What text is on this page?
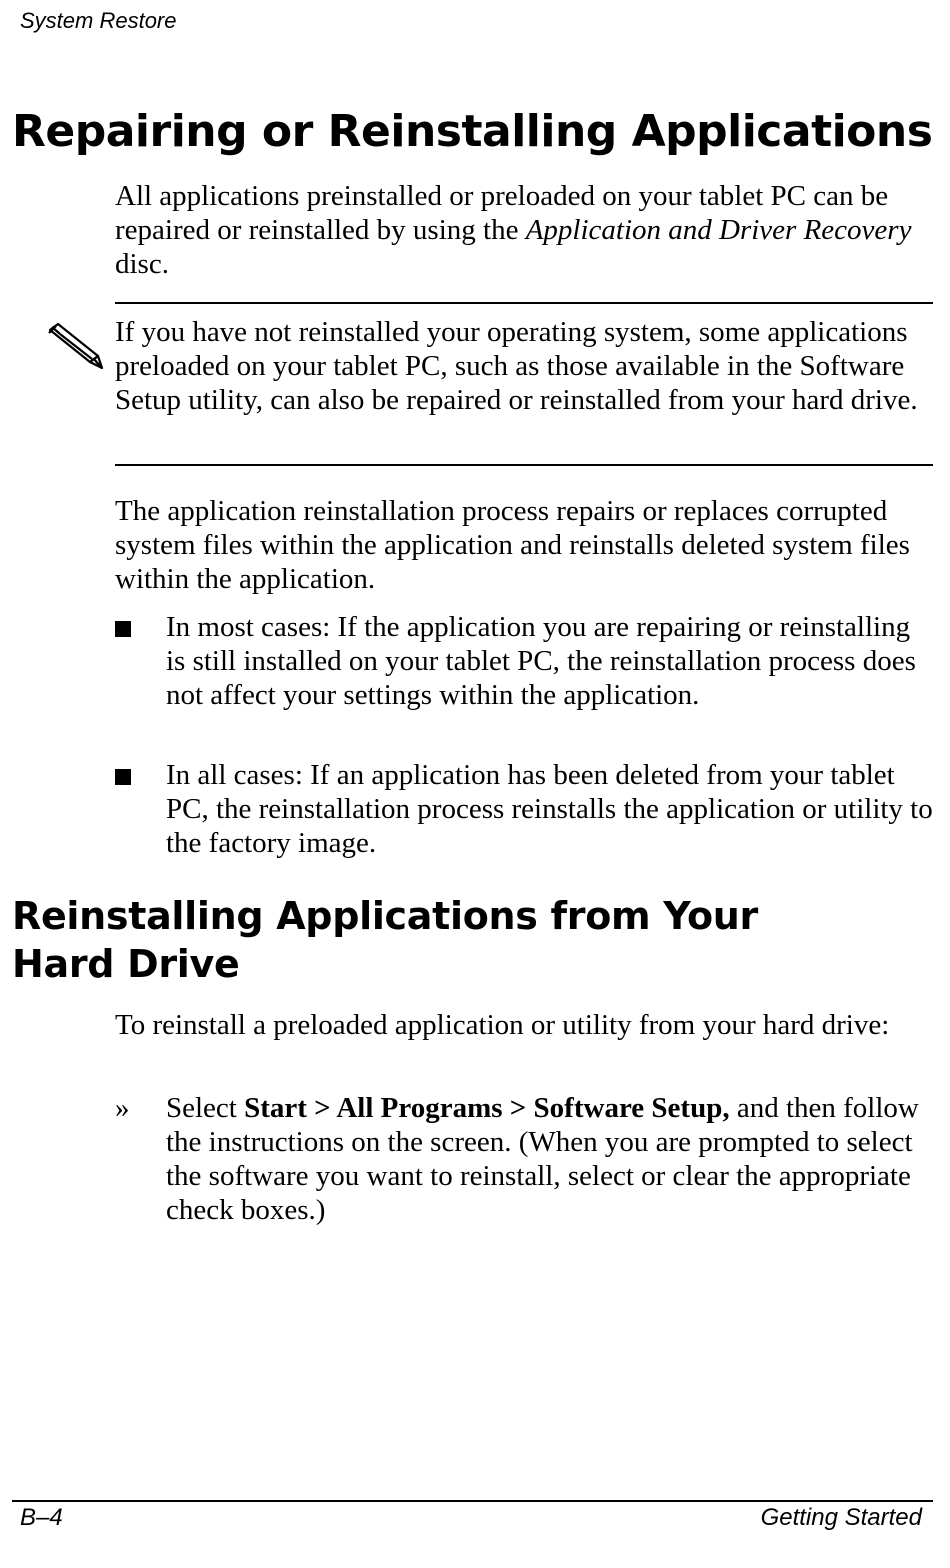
System Restore
Repairing or Reinstalling Applications

All applications preinstalled or preloaded on your tablet PC can be repaired or reinstalled by using the Application and Driver Recovery disc.

If you have not reinstalled your operating system, some applications preloaded on your tablet PC, such as those available in the Software Setup utility, can also be repaired or reinstalled from your hard drive.

The application reinstallation process repairs or replaces corrupted system files within the application and reinstalls deleted system files within the application.

In most cases: If the application you are repairing or reinstalling is still installed on your tablet PC, the reinstallation process does not affect your settings within the application.

In all cases: If an application has been deleted from your tablet PC, the reinstallation process reinstalls the application or utility to the factory image.

Reinstalling Applications from Your
Hard Drive

To reinstall a preloaded application or utility from your hard drive:

» Select Start > All Programs > Software Setup, and then follow the instructions on the screen. (When you are prompted to select the software you want to reinstall, select or clear the appropriate check boxes.)

B–4	Getting Started
